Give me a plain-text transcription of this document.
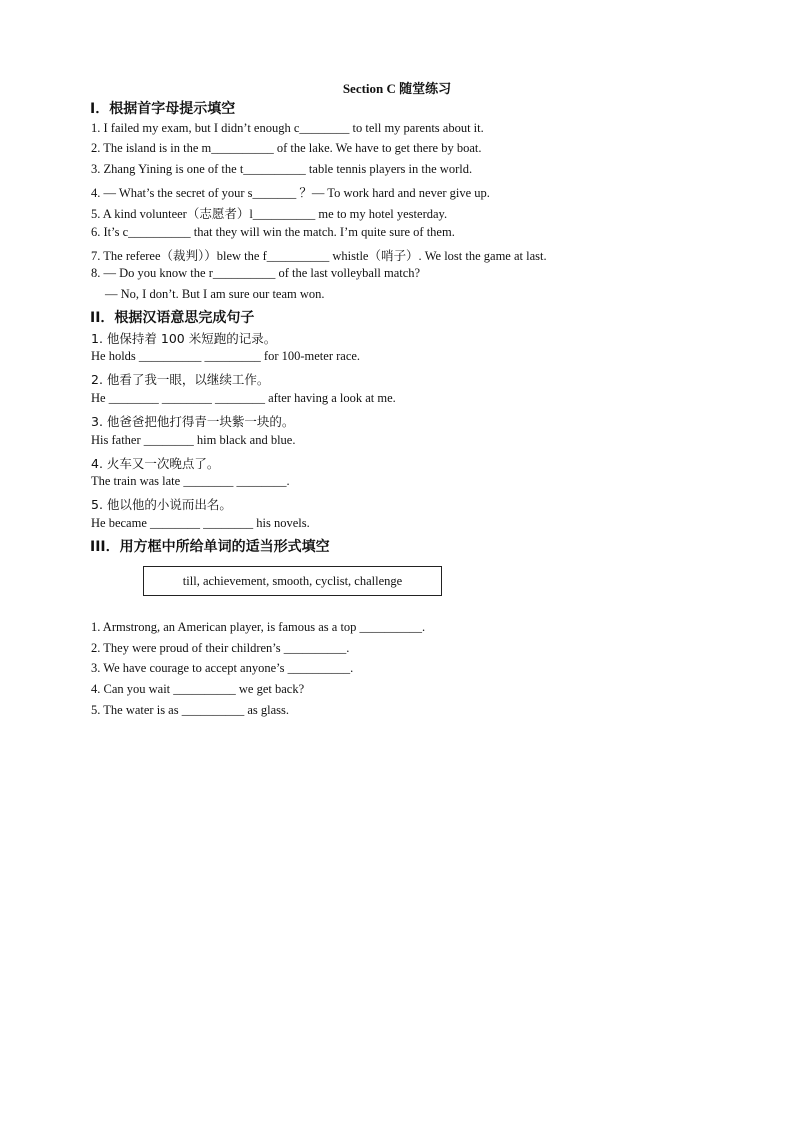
Section C 随堂练习
I．根据首字母提示填空
1. I failed my exam, but I didn’t enough c________ to tell my parents about it.
2. The island is in the m__________ of the lake. We have to get there by boat.
3. Zhang Yining is one of the t__________ table tennis players in the world.
4. — What’s the secret of your s_______ ？— To work hard and never give up.
5. A kind volunteer（志愿者）l__________ me to my hotel yesterday.
6. It’s c__________ that they will win the match. I’m quite sure of them.
7. The referee（裁判））blew the f__________ whistle（哨子）. We lost the game at last.
8. — Do you know the r__________ of the last volleyball match?
— No, I don’t. But I am sure our team won.
II．根据汉语意思完成句子
1. 他保持着 100 米短跑的记录。
He holds __________ _________ for 100-meter race.
2. 他看了我一眼，以继续工作。
He ________ ________ ________ after having a look at me.
3. 他爸爸把他打得青一块紫一块的。
His father ________ him black and blue.
4. 火车又一次晚点了。
The train was late ________ ________.
5. 他以他的小说而出名。
He became ________ ________ his novels.
III．用方框中所给单词的适当形式填空
till, achievement, smooth, cyclist, challenge
1. Armstrong, an American player, is famous as a top __________.
2. They were proud of their children’s __________.
3. We have courage to accept anyone’s __________.
4. Can you wait __________ we get back?
5. The water is as __________ as glass.
